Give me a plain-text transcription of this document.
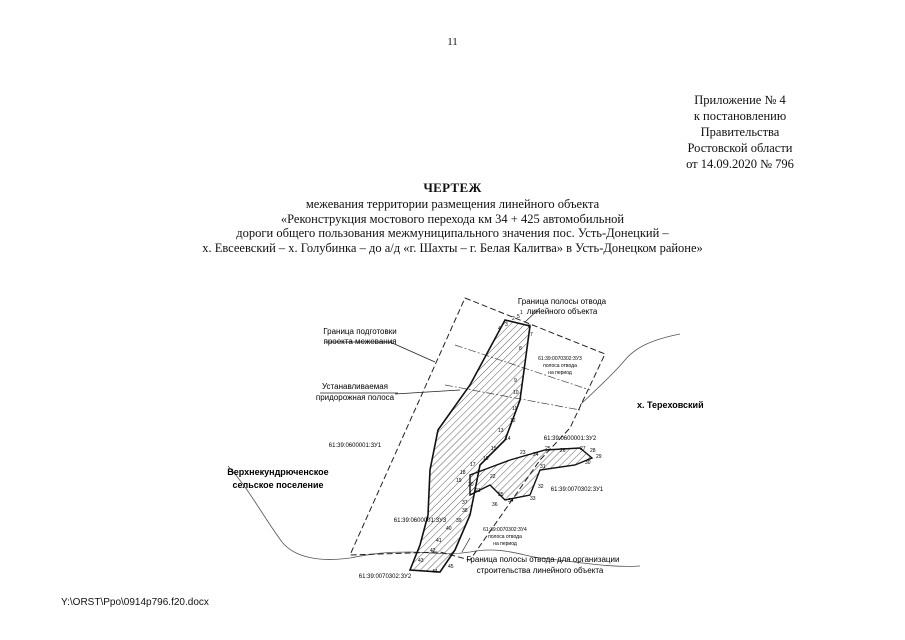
11
Приложение № 4
к постановлению
Правительства
Ростовской области
от 14.09.2020 № 796
ЧЕРТЕЖ
межевания территории размещения линейного объекта
«Реконструкция мостового перехода км 34 + 425 автомобильной
дороги общего пользования межмуниципального значения пос. Усть-Донецкий –
х. Евсеевский – х. Голубинка – до а/д «г. Шахты – г. Белая Калитва» в Усть-Донецком районе»
Граница подготовки
проекта межевания
Устанавливаемая
придорожная полоса
Граница полосы отвода
линейного объекта
Граница полосы отвода для организации
строительства линейного объекта
Верхнекундрюченское
сельское поселение
х. Тереховский
61:39:0600001:ЗУ1
61:39:0600001:ЗУ2
61:39:0070302:ЗУ1
61:39:0070302:ЗУ2
61:39:0600001:ЗУ3
61:39:0070302:ЗУ3
полоса отвода
на период
61:39:0070302:ЗУ4
полоса отвода
на период
1
2
3
4
5
6
7
8
9
10
11
12
13
14
15
16
17
18
19
20
21
22
23 24
25 26	27 28
29
30
31
32
33
34
35
36
37
38
39
40
41
42
43
44
45
Y:\ORST\Ppo\0914p796.f20.docx
